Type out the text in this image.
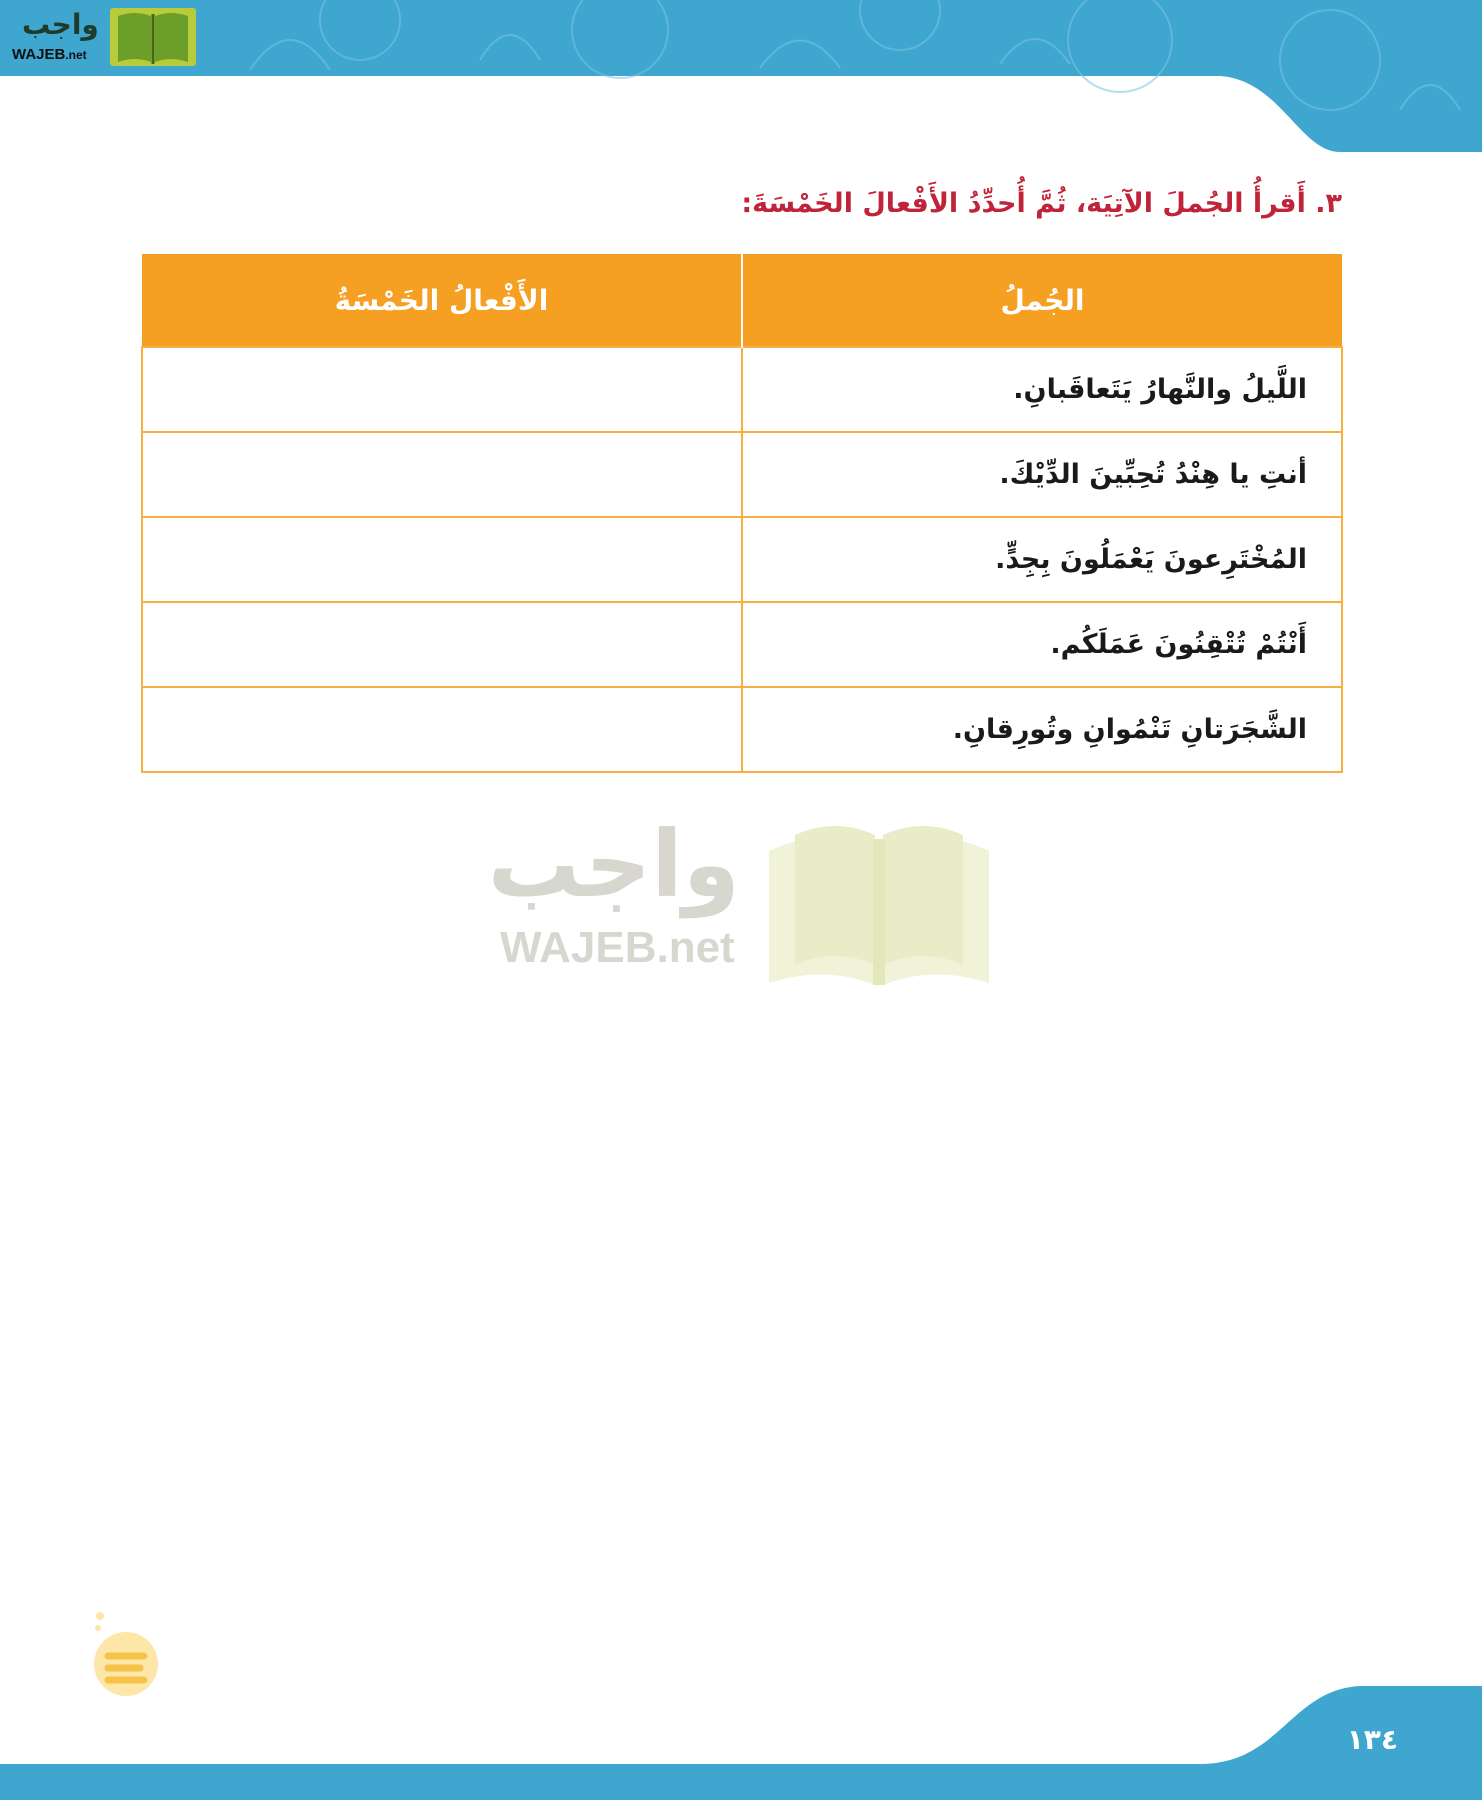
واجب
WAJEB.net
٣. أَقرأُ الجُملَ الآتِيَة، ثُمَّ أُحدِّدُ الأَفْعالَ الخَمْسَةَ:
الجُملُ	الأَفْعالُ الخَمْسَةُ
اللَّيلُ والنَّهارُ يَتَعاقَبانِ.	
أنتِ يا هِنْدُ تُحِبِّينَ الدِّيْكَ.	
المُخْتَرِعونَ يَعْمَلُونَ بِجِدٍّ.	
أَنْتُمْ تُتْقِنُونَ عَمَلَكُم.	
الشَّجَرَتانِ تَنْمُوانِ وتُورِقانِ.	
واجب
WAJEB.net
١٣٤
